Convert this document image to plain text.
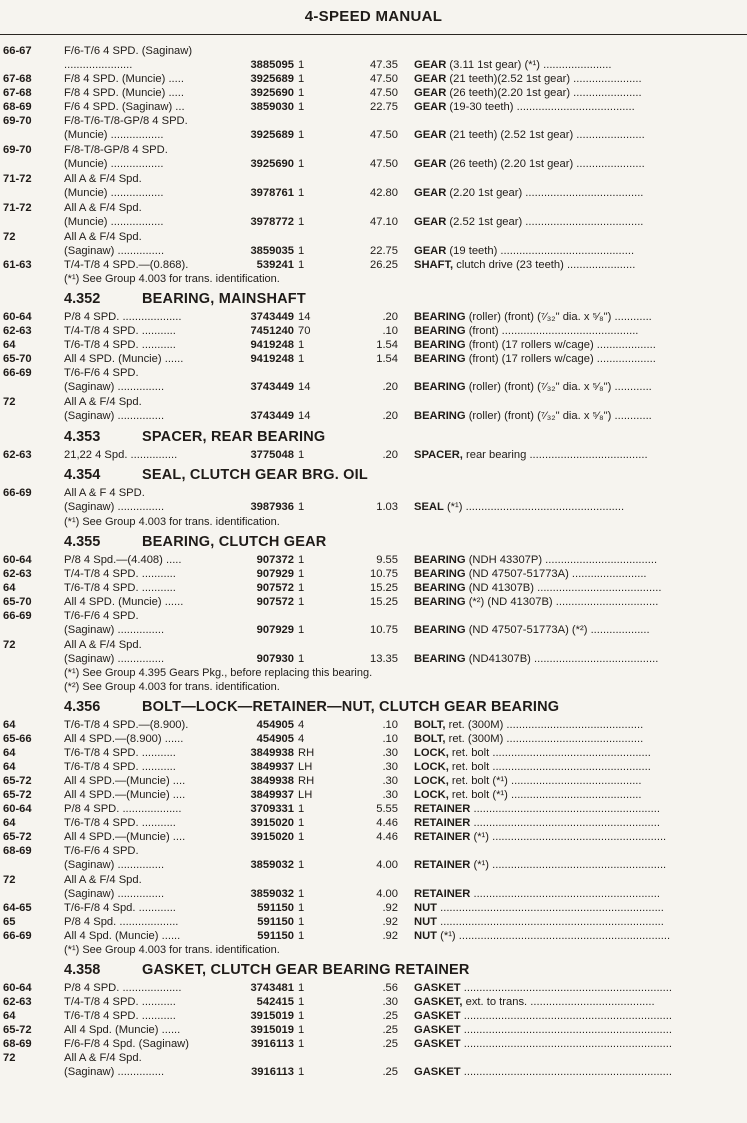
4-SPEED MANUAL
66-67	F/6-T/6 4 SPD. (Saginaw)
......................	3885095 1	47.35 GEAR (3.11 1st gear) (*¹) ......................
67-68	F/8 4 SPD. (Muncie) .....	3925689 1	47.50 GEAR (21 teeth)(2.52 1st gear) ......................
67-68	F/8 4 SPD. (Muncie) .....	3925690 1	47.50 GEAR (26 teeth)(2.20 1st gear) ......................
68-69	F/6 4 SPD. (Saginaw) ...	3859030 1	22.75 GEAR (19-30 teeth) ......................................
69-70	F/8-T/6-T/8-GP/8 4 SPD.
(Muncie) .................	3925689 1	47.50 GEAR (21 teeth) (2.52 1st gear) ......................
69-70	F/8-T/8-GP/8 4 SPD.
(Muncie) .................	3925690 1	47.50 GEAR (26 teeth) (2.20 1st gear) ......................
71-72	All A & F/4 Spd.
(Muncie) .................	3978761 1	42.80 GEAR (2.20 1st gear) ......................................
71-72	All A & F/4 Spd.
(Muncie) .................	3978772 1	47.10 GEAR (2.52 1st gear) ......................................
72	All A & F/4 Spd.
(Saginaw) ...............	3859035 1	22.75 GEAR (19 teeth) ...........................................
61-63	T/4-T/8 4 SPD.—(0.868).	539241 1	26.25 SHAFT, clutch drive (23 teeth) ......................
(*¹) See Group 4.003 for trans. identification.
4.352	BEARING, MAINSHAFT
60-64	P/8 4 SPD. ...................	3743449 14	.20 BEARING (roller) (front) (⁷⁄₃₂" dia. x ⁵⁄₈") ............
62-63	T/4-T/8 4 SPD. ...........	7451240 70	.10 BEARING (front) ............................................
64	T/6-T/8 4 SPD. ...........	9419248 1	1.54 BEARING (front) (17 rollers w/cage) ...................
65-70	All 4 SPD. (Muncie) ......	9419248 1	1.54 BEARING (front) (17 rollers w/cage) ...................
66-69	T/6-F/6 4 SPD.
(Saginaw) ...............	3743449 14	.20 BEARING (roller) (front) (⁷⁄₃₂" dia. x ⁵⁄₈") ............
72	All A & F/4 Spd.
(Saginaw) ...............	3743449 14	.20 BEARING (roller) (front) (⁷⁄₃₂" dia. x ⁵⁄₈") ............
4.353	SPACER, REAR BEARING
62-63	21,22 4 Spd. ...............	3775048 1	.20 SPACER, rear bearing ......................................
4.354	SEAL, CLUTCH GEAR BRG. OIL
66-69	All A & F 4 SPD.
(Saginaw) ...............	3987936 1	1.03 SEAL (*¹) ...................................................
(*¹) See Group 4.003 for trans. identification.
4.355	BEARING, CLUTCH GEAR
60-64	P/8 4 Spd.—(4.408) .....	907372 1	9.55 BEARING (NDH 43307P) ....................................
62-63	T/4-T/8 4 SPD. ...........	907929 1	10.75 BEARING (ND 47507-51773A) ........................
64	T/6-T/8 4 SPD. ...........	907572 1	15.25 BEARING (ND 41307B) ........................................
65-70	All 4 SPD. (Muncie) ......	907572 1	15.25 BEARING (*²) (ND 41307B) .................................
66-69	T/6-F/6 4 SPD.
(Saginaw) ...............	907929 1	10.75 BEARING (ND 47507-51773A) (*²) ...................
72	All A & F/4 Spd.
(Saginaw) ...............	907930 1	13.35 BEARING (ND41307B) ........................................
(*¹) See Group 4.395 Gears Pkg., before replacing this bearing.
(*²) See Group 4.003 for trans. identification.
4.356	BOLT—LOCK—RETAINER—NUT, CLUTCH GEAR BEARING
64	T/6-T/8 4 SPD.—(8.900).	454905 4	.10 BOLT, ret. (300M) ............................................
65-66	All 4 SPD.—(8.900) ......	454905 4	.10 BOLT, ret. (300M) ............................................
64	T/6-T/8 4 SPD. ...........	3849938 RH	.30 LOCK, ret. bolt ...................................................
64	T/6-T/8 4 SPD. ...........	3849937 LH	.30 LOCK, ret. bolt ...................................................
65-72	All 4 SPD.—(Muncie) ....	3849938 RH	.30 LOCK, ret. bolt (*¹) ..........................................
65-72	All 4 SPD.—(Muncie) ....	3849937 LH	.30 LOCK, ret. bolt (*¹) ..........................................
60-64	P/8 4 SPD. ...................	3709331 1	5.55 RETAINER ............................................................
64	T/6-T/8 4 SPD. ...........	3915020 1	4.46 RETAINER ............................................................
65-72	All 4 SPD.—(Muncie) ....	3915020 1	4.46 RETAINER (*¹) ........................................................
68-69	T/6-F/6 4 SPD.
(Saginaw) ...............	3859032 1	4.00 RETAINER (*¹) ........................................................
72	All A & F/4 Spd.
(Saginaw) ...............	3859032 1	4.00 RETAINER ............................................................
64-65	T/6-F/8 4 Spd. ............	591150 1	.92 NUT ........................................................................
65	P/8 4 Spd. ...................	591150 1	.92 NUT ........................................................................
66-69	All 4 Spd. (Muncie) ......	591150 1	.92 NUT (*¹) ....................................................................
(*¹) See Group 4.003 for trans. identification.
4.358	GASKET, CLUTCH GEAR BEARING RETAINER
60-64	P/8 4 SPD. ...................	3743481 1	.56 GASKET ...................................................................
62-63	T/4-T/8 4 SPD. ...........	542415 1	.30 GASKET, ext. to trans. ........................................
64	T/6-T/8 4 SPD. ...........	3915019 1	.25 GASKET ...................................................................
65-72	All 4 Spd. (Muncie) ......	3915019 1	.25 GASKET ...................................................................
68-69	F/6-F/8 4 Spd. (Saginaw)	3916113 1	.25 GASKET ...................................................................
72	All A & F/4 Spd.
(Saginaw) ...............	3916113 1	.25 GASKET ...................................................................
